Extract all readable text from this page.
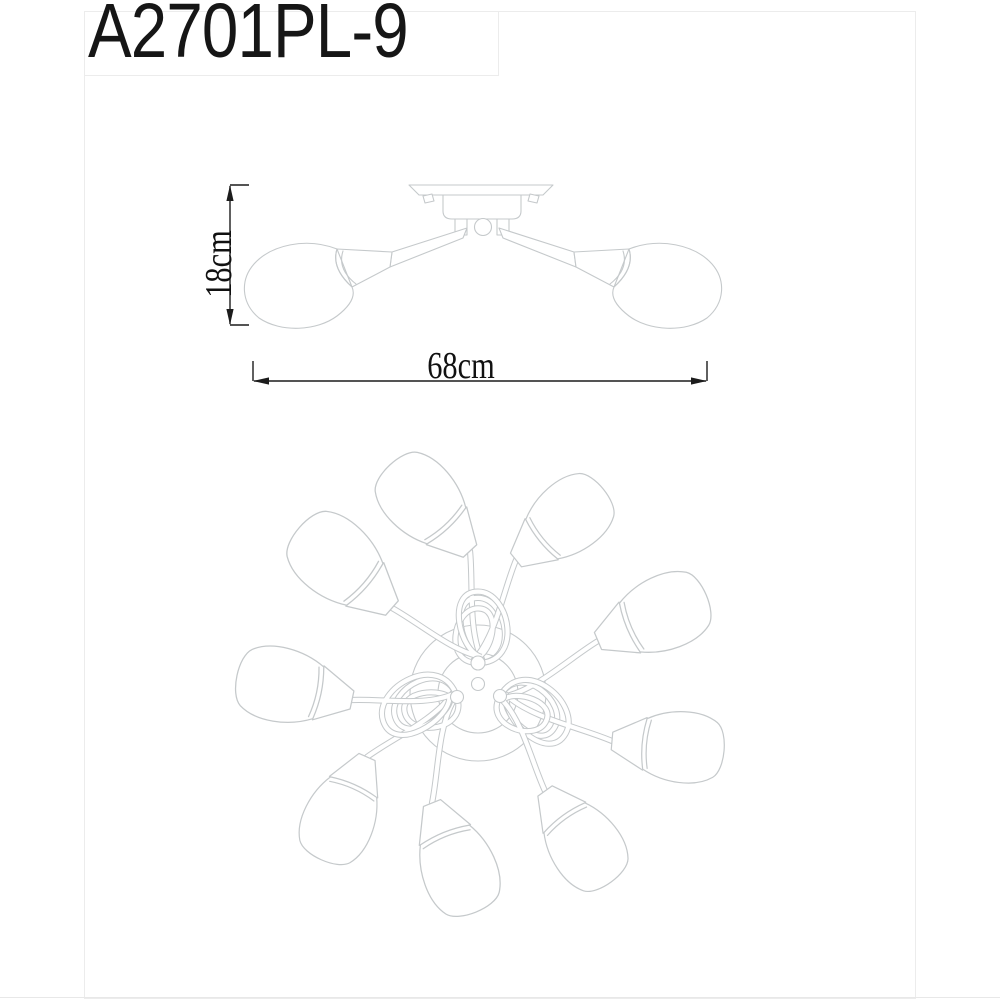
A2701PL-9
18cm
68cm
